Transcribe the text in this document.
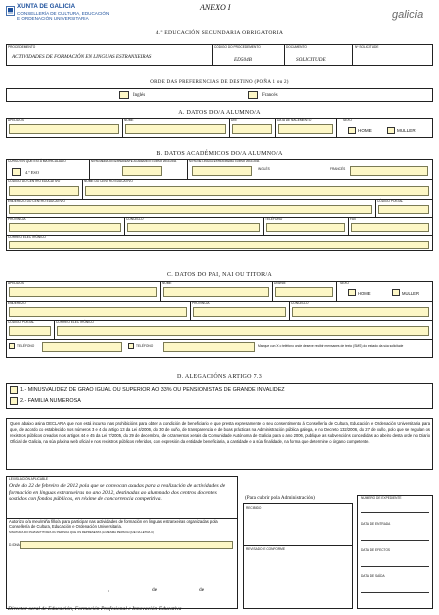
XUNTA DE GALICIA
CONSELLERÍA DE CULTURA, EDUCACIÓN
E ORDENACIÓN UNIVERSITARIA
ANEXO I
galicia
4.º EDUCACIÓN SECUNDARIA OBRIGATORIA
PROCEDEMENTO
ACTIVIDADES DE FORMACIÓN EN LINGUAS ESTRANXEIRAS
CÓDIGO DO PROCEDEMENTO
ED504B
DOCUMENTO
SOLICITUDE
Nº SOLICITUDE
ORDE DAS PREFERENCIAS DE DESTINO (POÑA 1 ou 2)
Inglés	Francés
A. DATOS DO/A ALUMNO/A
APELIDOS	NOME	DNI	DATA DE NACEMENTO	SEXO
HOME	MULLER
B. DATOS ACADÉMICOS DO/A ALUMNO/A
CURSO EN QUE ESTÁ MATRICULADO
4.º ESO
NOTA MEDIA DO EXPEDIENTE ACADÉMICO CURSO 2010-2011	NOTA DE LINGUA ESTRANXEIRA CURSO 2010-2011
INGLÉS	FRANCÉS
CÓDIGO DO CENTRO EDUCATIVO	NOME DO CENTRO EDUCATIVO
ENDEREZO DO CENTRO EDUCATIVO	CÓDIGO POSTAL
PROVINCIA	CONCELLO	TELÉFONO	FAX
CORREO ELECTRÓNICO
C. DATOS DO PAI, NAI OU TITOR/A
APELIDOS	NOME	DNI/NIE	SEXO
HOME	MULLER
ENDEREZO	PROVINCIA	CONCELLO
CÓDIGO POSTAL	CORREO ELECTRÓNICO
TELÉFONO	TELÉFONO	Marque cun X o teléfono onde desexe recibir mensaxes de texto (SMS) do estado da súa solicitude
D. ALEGACIÓNS ARTIGO 7.3
1.- MINUSVALIDEZ DE GRAO IGUAL OU SUPERIOR AO 33% OU PENSIONISTAS DE GRANDE INVALIDEZ
2.- FAMILIA NUMEROSA
Quen abaixo asina DECLARA que non está incurso nas prohibicións para obter a condición de beneficiario e que presta expresamente o seu consentimento á Consellería de Cultura, Educación e Ordenación Universitaria para que, de acordo co establecido nos números 3 e 4 do artigo 13 da Lei 4/2006, do 30 de xuño, de transparencia e de boas prácticas na Administración pública galega, e no Decreto 132/2006, do 27 de xullo, polo que se regulan os rexistros públicos creados nos artigos 44 e 45 da Lei 7/2005, do 29 de decembro, de orzamentos xerais da Comunidade Autónoma de Galicia para o ano 2006, publique as subvencións concedidas ao abeiro desta orde no Diario Oficial de Galicia, na súa páxina web oficial e nos rexistros públicos referidos, con expresión da entidade beneficiaria, a cantidade e a súa finalidade, na forma que determine o órgano competente.
LEXISLACIÓN APLICABLE
Orde do 22 de febreiro de 2012 pola que se convocan axudas para a realización de actividades de formación en linguas estranxeiras no ano 2012, destinadas ao alumnado dos centros docentes sostidos con fondos públicos, en réxime de concorrencia competitiva.
Autorizo o/a meu/miña fillo/a para participar nas actividades de formación en linguas estranxeiras organizadas pola Consellería de Cultura, Educación e Ordenación Universitaria.
SINATURA DO PAI/NAI/TITOR/A OU PERSOA QUE OS REPRESENTA (A MESMA PERSOA QUE NA LETRA C)
D./DNA
,	de	de
(Para cubrir pola Administración)
RECIBIDO
REVISADO E CONFORME
NÚMERO DE EXPEDIENTE
DATA DE ENTRADA
DATA DE EFECTOS
DATA DE SAÍDA
Director xeral de Educación, Formación Profesional e Innovación Educativa
